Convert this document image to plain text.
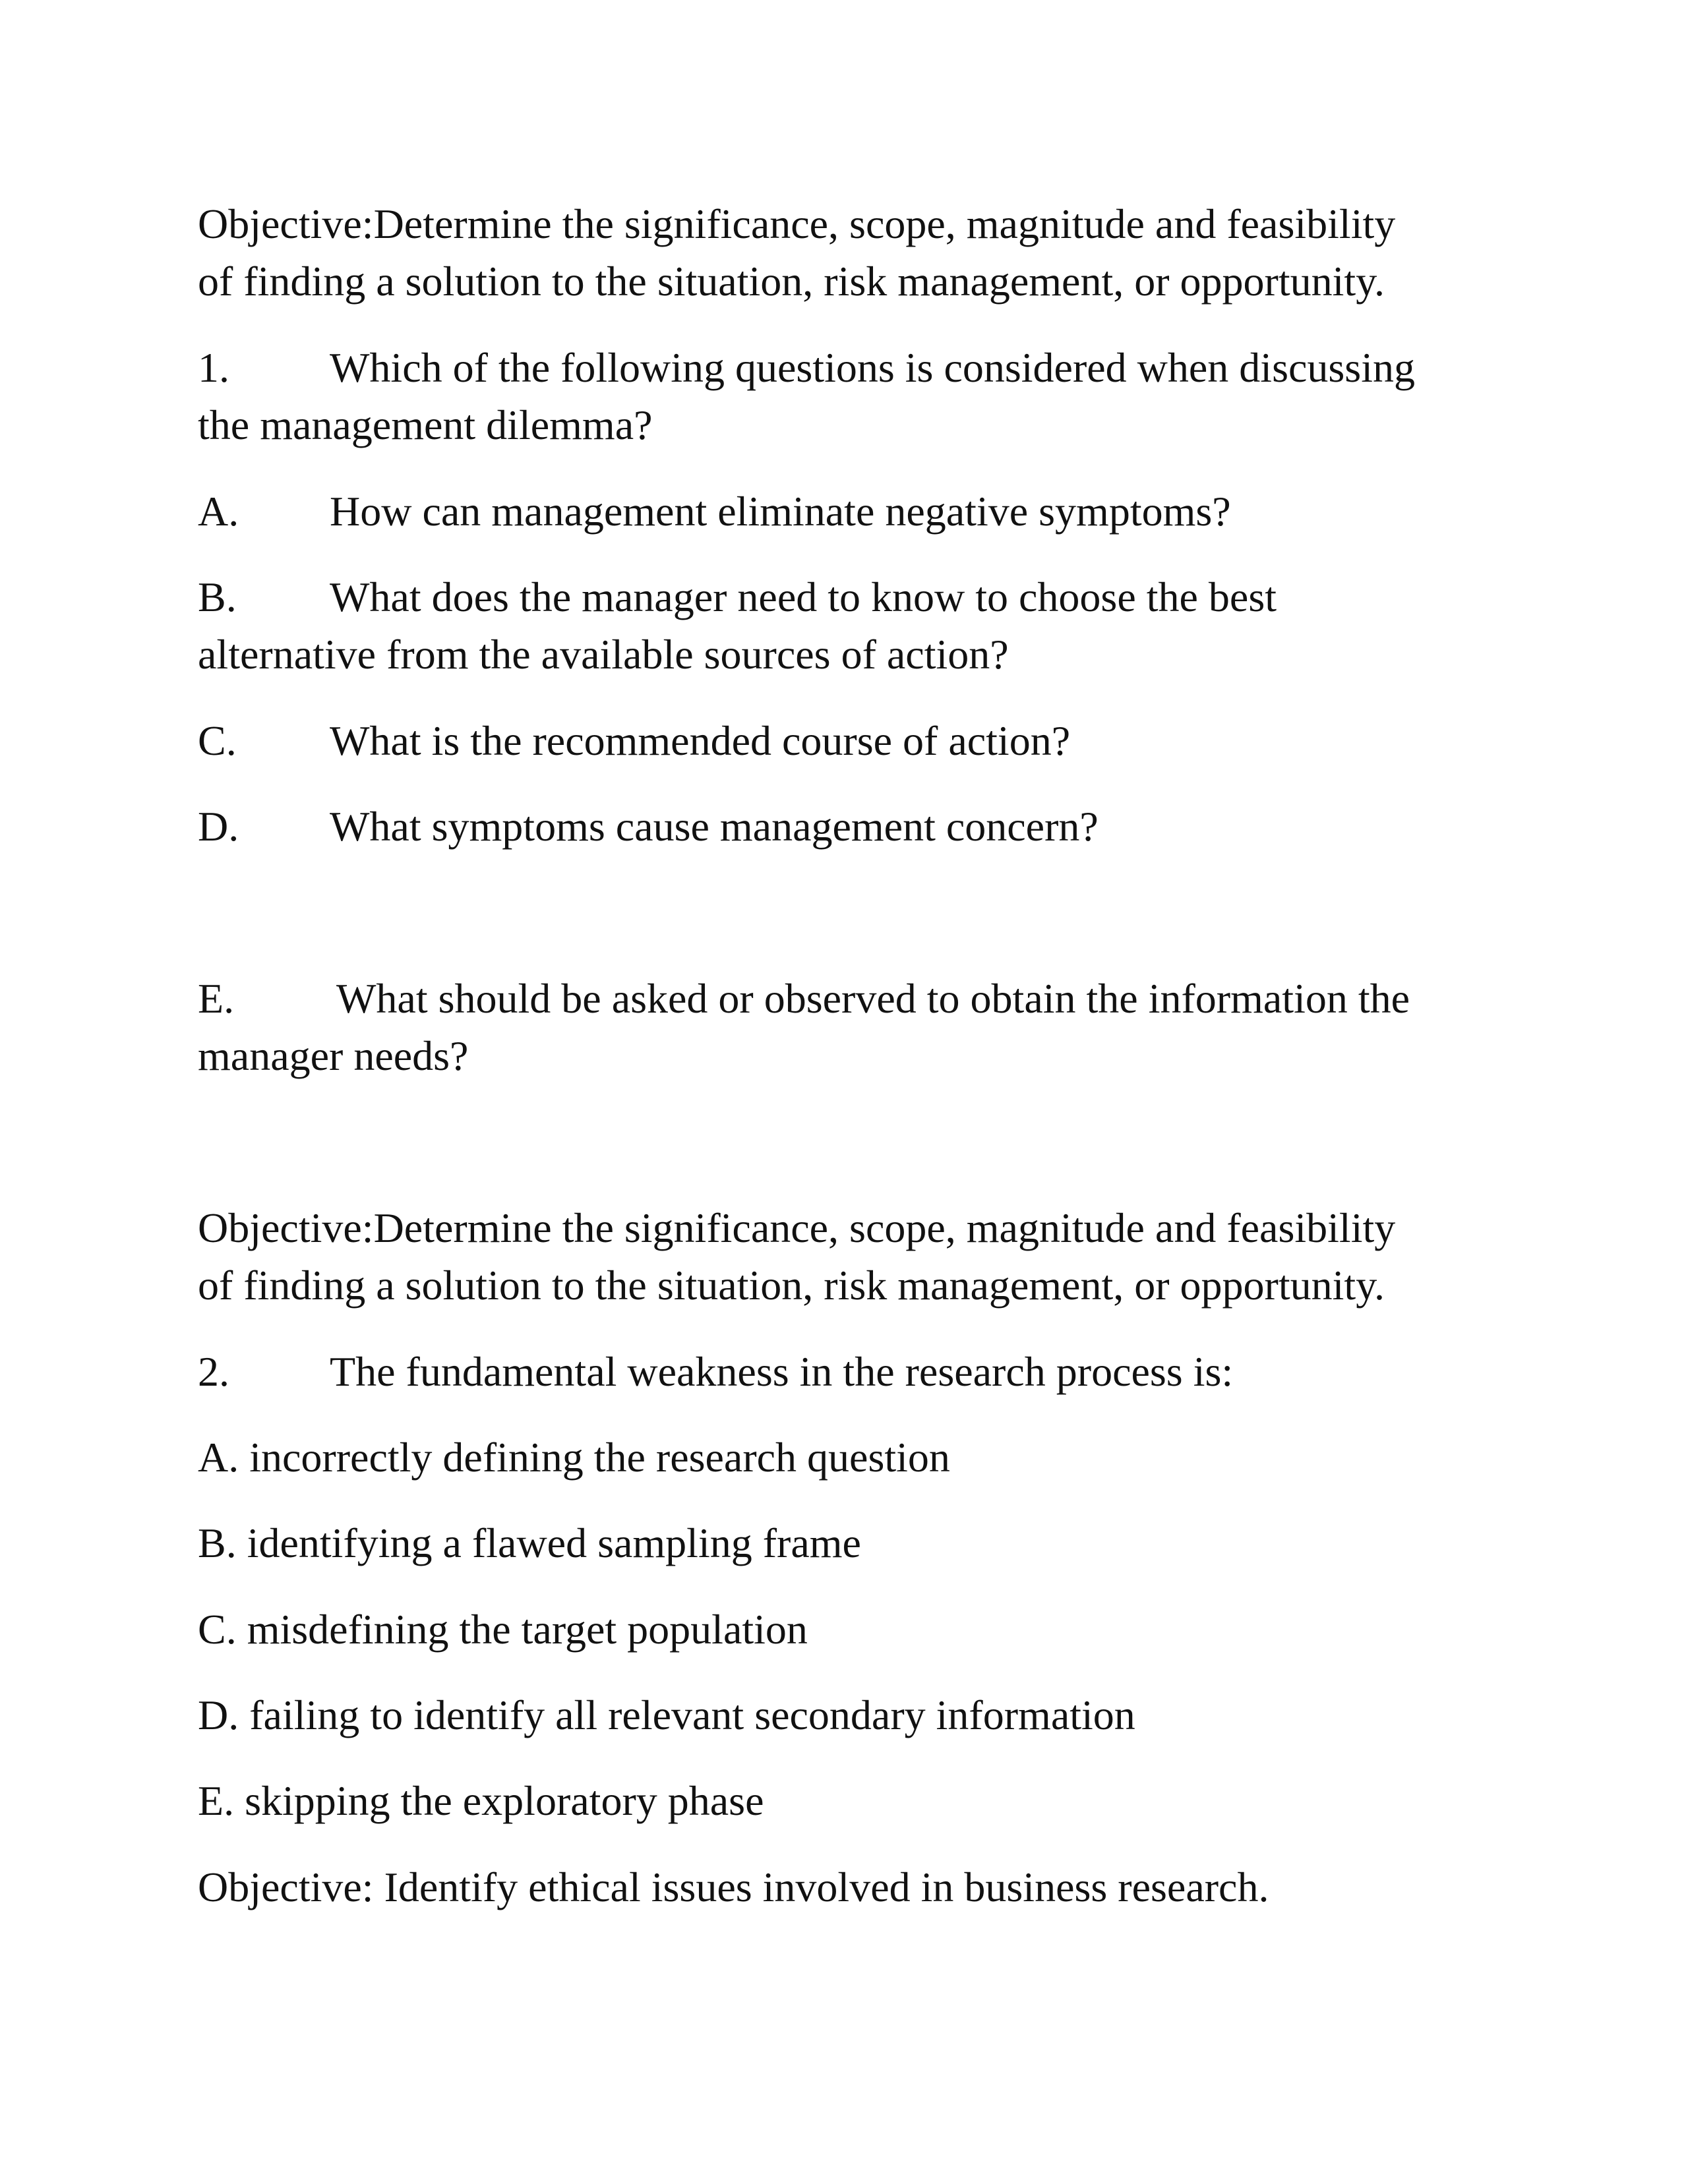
Objective:Determine the significance, scope, magnitude and feasibility
of finding a solution to the situation, risk management, or opportunity.
1. Which of the following questions is considered when discussing
the management dilemma?
A. How can management eliminate negative symptoms?
B. What does the manager need to know to choose the best
alternative from the available sources of action?
C. What is the recommended course of action?
D. What symptoms cause management concern?
E. What should be asked or observed to obtain the information the
manager needs?
Objective:Determine the significance, scope, magnitude and feasibility
of finding a solution to the situation, risk management, or opportunity.
2. The fundamental weakness in the research process is:
A. incorrectly defining the research question
B. identifying a flawed sampling frame
C. misdefining the target population
D. failing to identify all relevant secondary information
E. skipping the exploratory phase
Objective: Identify ethical issues involved in business research.
